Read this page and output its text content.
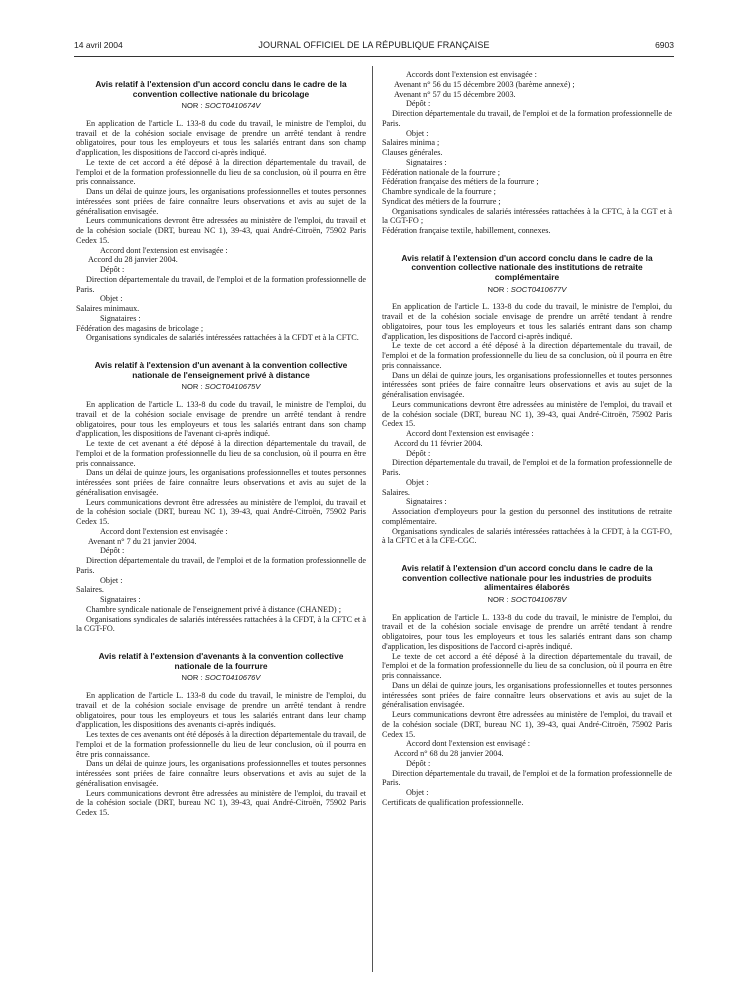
14 avril 2004	JOURNAL OFFICIEL DE LA RÉPUBLIQUE FRANÇAISE	6903
Avis relatif à l'extension d'un accord conclu dans le cadre de la convention collective nationale du bricolage
NOR : SOCT0410674V

En application de l'article L. 133-8 du code du travail, le ministre de l'emploi, du travail et de la cohésion sociale envisage de prendre un arrêté tendant à rendre obligatoires, pour tous les employeurs et tous les salariés entrant dans son champ d'application, les dispositions de l'accord ci-après indiqué.

Le texte de cet accord a été déposé à la direction départementale du travail, de l'emploi et de la formation professionnelle du lieu de sa conclusion, où il pourra en être pris connaissance.

Dans un délai de quinze jours, les organisations professionnelles et toutes personnes intéressées sont priées de faire connaître leurs observations et avis au sujet de la généralisation envisagée.

Leurs communications devront être adressées au ministère de l'emploi, du travail et de la cohésion sociale (DRT, bureau NC 1), 39-43, quai André-Citroën, 75902 Paris Cedex 15.

Accord dont l'extension est envisagée :
Accord du 28 janvier 2004.
Dépôt :

Direction départementale du travail, de l'emploi et de la formation professionnelle de Paris.

Objet :
Salaires minimaux.
Signataires :
Fédération des magasins de bricolage ;

Organisations syndicales de salariés intéressées rattachées à la CFDT et à la CFTC.

Avis relatif à l'extension d'un avenant à la convention collective nationale de l'enseignement privé à distance
NOR : SOCT0410675V

En application de l'article L. 133-8 du code du travail, le ministre de l'emploi, du travail et de la cohésion sociale envisage de prendre un arrêté tendant à rendre obligatoires, pour tous les employeurs et tous les salariés entrant dans son champ d'application, les dispositions de l'avenant ci-après indiqué.

Le texte de cet avenant a été déposé à la direction départementale du travail, de l'emploi et de la formation professionnelle du lieu de sa conclusion, où il pourra en être pris connaissance.

Dans un délai de quinze jours, les organisations professionnelles et toutes personnes intéressées sont priées de faire connaître leurs observations et avis au sujet de la généralisation envisagée.

Leurs communications devront être adressées au ministère de l'emploi, du travail et de la cohésion sociale (DRT, bureau NC 1), 39-43, quai André-Citroën, 75902 Paris Cedex 15.

Accord dont l'extension est envisagée :
Avenant n° 7 du 21 janvier 2004.
Dépôt :

Direction départementale du travail, de l'emploi et de la formation professionnelle de Paris.

Objet :
Salaires.
Signataires :

Chambre syndicale nationale de l'enseignement privé à distance (CHANED) ;

Organisations syndicales de salariés intéressées rattachées à la CFDT, à la CFTC et à la CGT-FO.

Avis relatif à l'extension d'avenants à la convention collective nationale de la fourrure
NOR : SOCT0410676V

En application de l'article L. 133-8 du code du travail, le ministre de l'emploi, du travail et de la cohésion sociale envisage de prendre un arrêté tendant à rendre obligatoires, pour tous les employeurs et tous les salariés entrant dans leur champ d'application, les dispositions des avenants ci-après indiqués.

Les textes de ces avenants ont été déposés à la direction départementale du travail, de l'emploi et de la formation professionnelle du lieu de leur conclusion, où il pourra en être pris connaissance.

Dans un délai de quinze jours, les organisations professionnelles et toutes personnes intéressées sont priées de faire connaître leurs observations et avis au sujet de la généralisation envisagée.

Leurs communications devront être adressées au ministère de l'emploi, du travail et de la cohésion sociale (DRT, bureau NC 1), 39-43, quai André-Citroën, 75902 Paris Cedex 15.

Accords dont l'extension est envisagée :
Avenant n° 56 du 15 décembre 2003 (barème annexé) ;
Avenant n° 57 du 15 décembre 2003.
Dépôt :

Direction départementale du travail, de l'emploi et de la formation professionnelle de Paris.

Objet :
Salaires minima ;
Clauses générales.
Signataires :
Fédération nationale de la fourrure ;
Fédération française des métiers de la fourrure ;
Chambre syndicale de la fourrure ;
Syndicat des métiers de la fourrure ;

Organisations syndicales de salariés intéressées rattachées à la CFTC, à la CGT et à la CGT-FO ;

Fédération française textile, habillement, connexes.
Avis relatif à l'extension d'un accord conclu dans le cadre de la convention collective nationale des institutions de retraite complémentaire
NOR : SOCT0410677V

En application de l'article L. 133-8 du code du travail, le ministre de l'emploi, du travail et de la cohésion sociale envisage de prendre un arrêté tendant à rendre obligatoires, pour tous les employeurs et tous les salariés entrant dans son champ d'application, les dispositions de l'accord ci-après indiqué.

Le texte de cet accord a été déposé à la direction départementale du travail, de l'emploi et de la formation professionnelle du lieu de sa conclusion, où il pourra en être pris connaissance.

Dans un délai de quinze jours, les organisations professionnelles et toutes personnes intéressées sont priées de faire connaître leurs observations et avis au sujet de la généralisation envisagée.

Leurs communications devront être adressées au ministère de l'emploi, du travail et de la cohésion sociale (DRT, bureau NC 1), 39-43, quai André-Citroën, 75902 Paris Cedex 15.

Accord dont l'extension est envisagée :
Accord du 11 février 2004.
Dépôt :

Direction départementale du travail, de l'emploi et de la formation professionnelle de Paris.

Objet :
Salaires.
Signataires :

Association d'employeurs pour la gestion du personnel des institutions de retraite complémentaire.

Organisations syndicales de salariés intéressées rattachées à la CFDT, à la CGT-FO, à la CFTC et à la CFE-CGC.

Avis relatif à l'extension d'un accord conclu dans le cadre de la convention collective nationale pour les industries de produits alimentaires élaborés
NOR : SOCT0410678V

En application de l'article L. 133-8 du code du travail, le ministre de l'emploi, du travail et de la cohésion sociale envisage de prendre un arrêté tendant à rendre obligatoires, pour tous les employeurs et tous les salariés entrant dans son champ d'application, les dispositions de l'accord ci-après indiqué.

Le texte de cet accord a été déposé à la direction départementale du travail, de l'emploi et de la formation professionnelle du lieu de sa conclusion, où il pourra en être pris connaissance.

Dans un délai de quinze jours, les organisations professionnelles et toutes personnes intéressées sont priées de faire connaître leurs observations et avis au sujet de la généralisation envisagée.

Leurs communications devront être adressées au ministère de l'emploi, du travail et de la cohésion sociale (DRT, bureau NC 1), 39-43, quai André-Citroën, 75902 Paris Cedex 15.

Accord dont l'extension est envisagé :
Accord n° 68 du 28 janvier 2004.
Dépôt :

Direction départementale du travail, de l'emploi et de la formation professionnelle de Paris.

Objet :
Certificats de qualification professionnelle.
